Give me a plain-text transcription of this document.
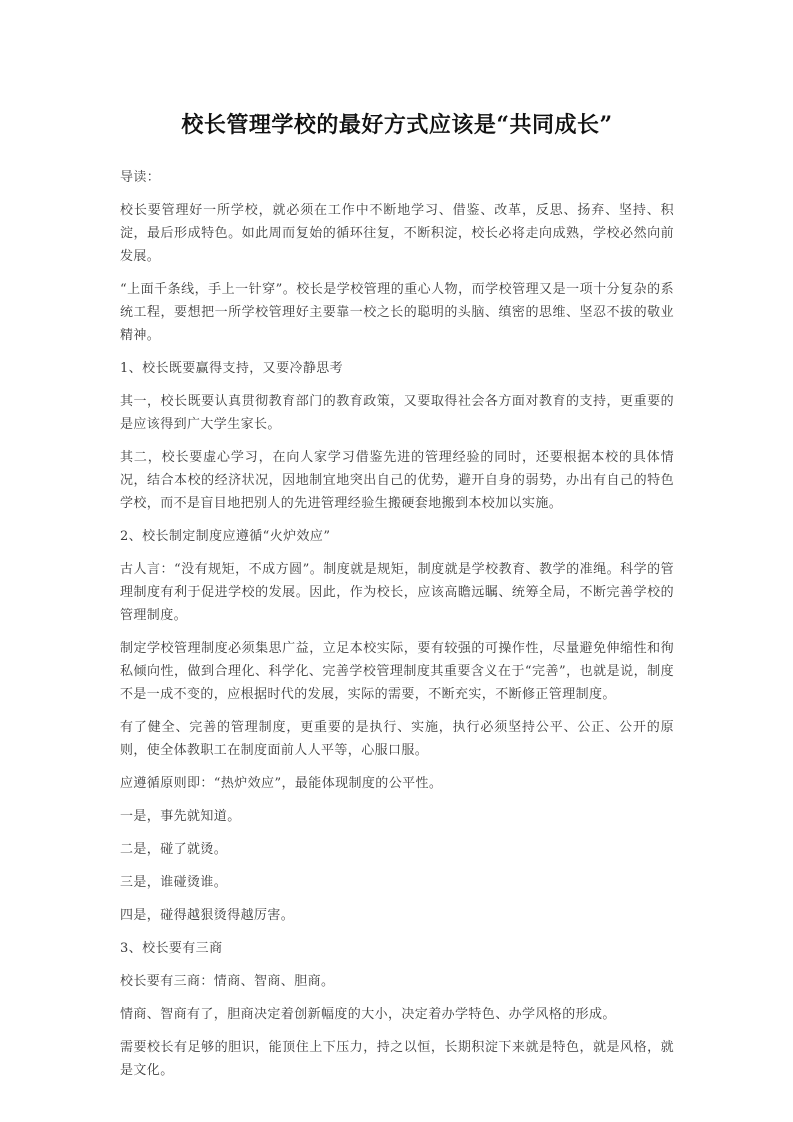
校长管理学校的最好方式应该是“共同成长”

导读：

校长要管理好一所学校，就必须在工作中不断地学习、借鉴、改革，反思、扬弃、坚持、积淀，最后形成特色。如此周而复始的循环往复，不断积淀，校长必将走向成熟，学校必然向前发展。

“上面千条线，手上一针穿”。校长是学校管理的重心人物，而学校管理又是一项十分复杂的系统工程，要想把一所学校管理好主要靠一校之长的聪明的头脑、缜密的思维、坚忍不拔的敬业精神。

1、校长既要赢得支持，又要冷静思考

其一，校长既要认真贯彻教育部门的教育政策，又要取得社会各方面对教育的支持，更重要的是应该得到广大学生家长。

其二，校长要虚心学习，在向人家学习借鉴先进的管理经验的同时，还要根据本校的具体情况，结合本校的经济状况，因地制宜地突出自己的优势，避开自身的弱势，办出有自己的特色学校，而不是盲目地把别人的先进管理经验生搬硬套地搬到本校加以实施。

2、校长制定制度应遵循“火炉效应”

古人言：“没有规矩，不成方圆”。制度就是规矩，制度就是学校教育、教学的准绳。科学的管理制度有利于促进学校的发展。因此，作为校长，应该高瞻远瞩、统筹全局，不断完善学校的管理制度。

制定学校管理制度必须集思广益，立足本校实际，要有较强的可操作性，尽量避免伸缩性和徇私倾向性，做到合理化、科学化、完善学校管理制度其重要含义在于“完善”，也就是说，制度不是一成不变的，应根据时代的发展，实际的需要，不断充实，不断修正管理制度。

有了健全、完善的管理制度，更重要的是执行、实施，执行必须坚持公平、公正、公开的原则，使全体教职工在制度面前人人平等，心服口服。

应遵循原则即：“热炉效应”，最能体现制度的公平性。

一是，事先就知道。

二是，碰了就烫。

三是，谁碰烫谁。

四是，碰得越狠烫得越厉害。

3、校长要有三商

校长要有三商：情商、智商、胆商。

情商、智商有了，胆商决定着创新幅度的大小，决定着办学特色、办学风格的形成。

需要校长有足够的胆识，能顶住上下压力，持之以恒，长期积淀下来就是特色，就是风格，就是文化。
